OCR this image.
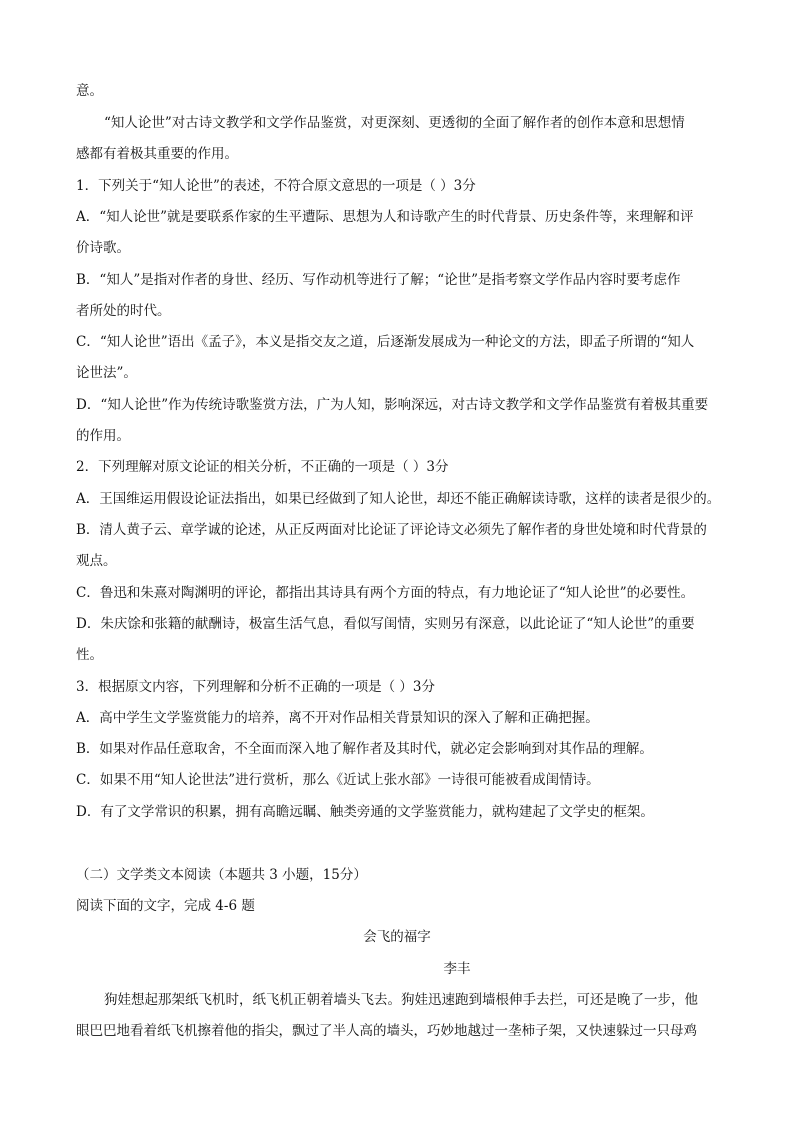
意。
“知人论世”对古诗文教学和文学作品鉴赏，对更深刻、更透彻的全面了解作者的创作本意和思想情
感都有着极其重要的作用。
1．下列关于“知人论世”的表述，不符合原文意思的一项是（ ）3分
A．“知人论世”就是要联系作家的生平遭际、思想为人和诗歌产生的时代背景、历史条件等，来理解和评
价诗歌。
B．“知人”是指对作者的身世、经历、写作动机等进行了解；“论世”是指考察文学作品内容时要考虑作
者所处的时代。
C．“知人论世”语出《孟子》，本义是指交友之道，后逐渐发展成为一种论文的方法，即孟子所谓的“知人
论世法”。
D．“知人论世”作为传统诗歌鉴赏方法，广为人知，影响深远，对古诗文教学和文学作品鉴赏有着极其重要
的作用。
2．下列理解对原文论证的相关分析，不正确的一项是（ ）3分
A．王国维运用假设论证法指出，如果已经做到了知人论世，却还不能正确解读诗歌，这样的读者是很少的。
B．清人黄子云、章学诚的论述，从正反两面对比论证了评论诗文必须先了解作者的身世处境和时代背景的
观点。
C．鲁迅和朱熹对陶渊明的评论，都指出其诗具有两个方面的特点，有力地论证了“知人论世”的必要性。
D．朱庆馀和张籍的献酬诗，极富生活气息，看似写闺情，实则另有深意，以此论证了“知人论世”的重要
性。
3．根据原文内容，下列理解和分析不正确的一项是（ ）3分
A．高中学生文学鉴赏能力的培养，离不开对作品相关背景知识的深入了解和正确把握。
B．如果对作品任意取舍，不全面而深入地了解作者及其时代，就必定会影响到对其作品的理解。
C．如果不用“知人论世法”进行赏析，那么《近试上张水部》一诗很可能被看成闺情诗。
D．有了文学常识的积累，拥有高瞻远瞩、触类旁通的文学鉴赏能力，就构建起了文学史的框架。
（二）文学类文本阅读（本题共 3 小题，15分）
阅读下面的文字，完成 4-6 题
会飞的福字
李丰
狗娃想起那架纸飞机时，纸飞机正朝着墙头飞去。狗娃迅速跑到墙根伸手去拦，可还是晚了一步，他
眼巴巴地看着纸飞机擦着他的指尖，飘过了半人高的墙头，巧妙地越过一垄柿子架，又快速躲过一只母鸡
